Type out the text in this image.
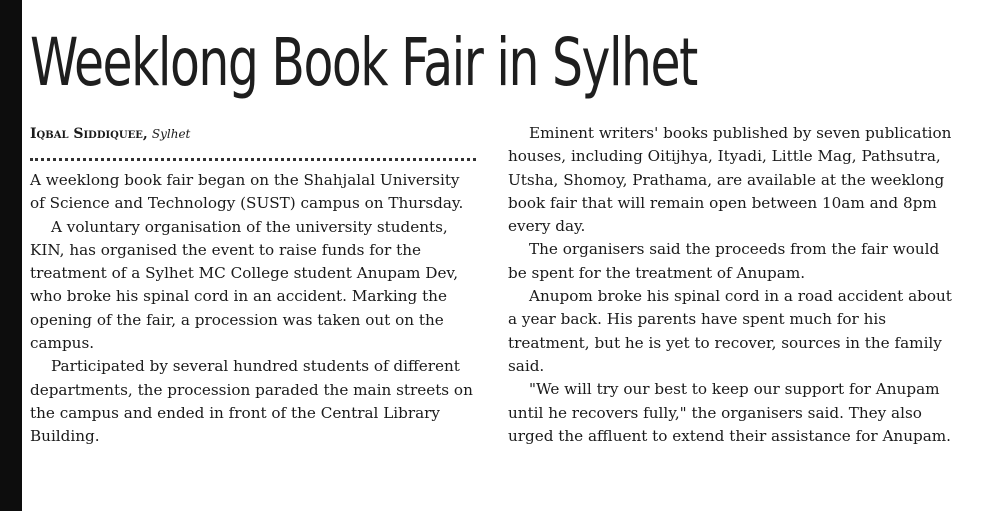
Weeklong Book Fair in Sylhet
Iqbal Siddiquee, Sylhet

A weeklong book fair began on the Shahjalal University of Science and Technology (SUST) campus on Thursday.

A voluntary organisation of the university students, KIN, has organised the event to raise funds for the treatment of a Sylhet MC College student Anupam Dev, who broke his spinal cord in an accident. Marking the opening of the fair, a procession was taken out on the campus.

Participated by several hundred students of different departments, the procession paraded the main streets on the campus and ended in front of the Central Library Building.

Eminent writers' books published by seven publication houses, including Oitijhya, Ityadi, Little Mag, Pathsutra, Utsha, Shomoy, Prathama, are available at the weeklong book fair that will remain open between 10am and 8pm every day.

The organisers said the proceeds from the fair would be spent for the treatment of Anupam.

Anupom broke his spinal cord in a road accident about a year back. His parents have spent much for his treatment, but he is yet to recover, sources in the family said.

"We will try our best to keep our support for Anupam until he recovers fully," the organisers said. They also urged the affluent to extend their assistance for Anupam.
